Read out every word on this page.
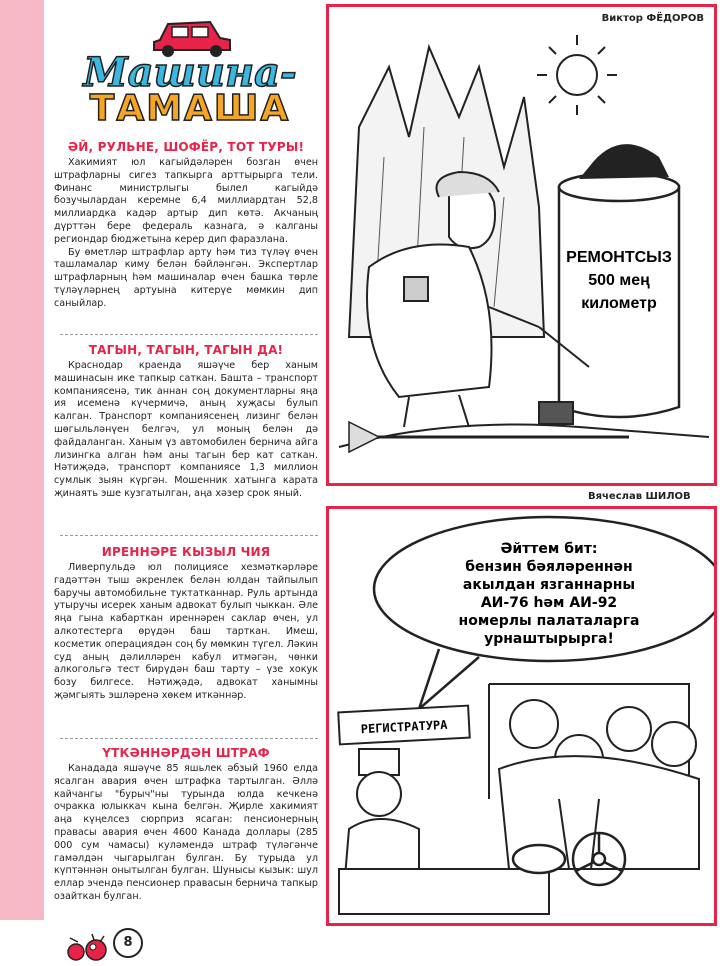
Машина-
ТАМАША
ӘЙ, РУЛЬНЕ, ШОФЁР, ТОТ ТУРЫ!

Хакимият юл кагыйдәләрен бозган өчен штрафларны сигез тапкырга арттырырга тели. Финанс министрлыгы былел кагыйдә бозучылардан керемне 6,4 миллиардтан 52,8 миллиардка кадәр артыр дип көтә. Акчаның дүрттән бере федераль казнага, ә калганы региондар бюджетына керер дип фаразлана.

Бу өметләр штрафлар арту һәм тиз түләү өчен ташламалар киму белән бәйләнгән. Экспертлар штрафларның һәм машиналар өчен башка төрле түләүләрнең артуына китерүе мөмкин дип саныйлар.

ТАГЫН, ТАГЫН, ТАГЫН ДА!

Краснодар краенда яшәүче бер ханым машинасын ике тапкыр саткан. Башта – транспорт компаниясенә, тик аннан соң документларны яңа ия исеменә күчермичә, аның хуҗасы булып калган. Транспорт компаниясенең лизинг белән шөгыльләнүен белгәч, ул моның белән дә файдаланган. Ханым үз автомобилен бернича айга лизингка алган һәм аны тагын бер кат саткан. Нәтиҗәдә, транспорт компаниясе 1,3 миллион сумлык зыян күргән. Мошенник хатынга карата җинаять эше кузгатылган, аңа хәзер срок яный.

ИРЕННӘРЕ КЫЗЫЛ ЧИЯ

Ливерпульдә юл полициясе хезмәткәрләре гадәттән тыш әкренлек белән юлдан тайпылып баручы автомобильне туктатканнар. Руль артында утыручы исерек ханым адвокат булып чыккан. Әле яңа гына кабарткан иреннәрен саклар өчен, ул алкотестерга өрүдән баш тарткан. Имеш, косметик операциядән соң бу мөмкин түгел. Ләкин суд аның дәлилләрен кабул итмәгән, чөнки алкогольгә тест бирүдән баш тарту – үзе хокук бозу билгесе. Нәтиҗәдә, адвокат ханымны җәмгыять эшләренә хөкем иткәннәр.

ҮТКӘННӘРДӘН ШТРАФ

Канадада яшәүче 85 яшьлек әбзый 1960 елда ясалган авария өчен штрафка тартылган. Әллә кайчангы "бурыч"ны турында юлда кечкенә очракка юлыккач кына белгән. Җирле хакимият аңа күңелсез сюрприз ясаган: пенсионерның правасы авария өчен 4600 Канада доллары (285 000 сум чамасы) куләмендә штраф түләгәнче гамәлдән чыгарылган булган. Бу турыда ул күптәннән онытылган булган. Шунысы кызык: шул еллар эчендә пенсионер правасын бернича тапкыр озайткан булган.

Виктор ФЁДОРОВ
РЕМОНТСЫЗ
500 мең
километр
Вячеслав ШИЛОВ
Әйттем бит:
бензин бәяләреннән
акылдан язганнарны
АИ-76 һәм АИ-92
номерлы палаталарга
урнаштырырга!
РЕГИСТРАТУРА
8
